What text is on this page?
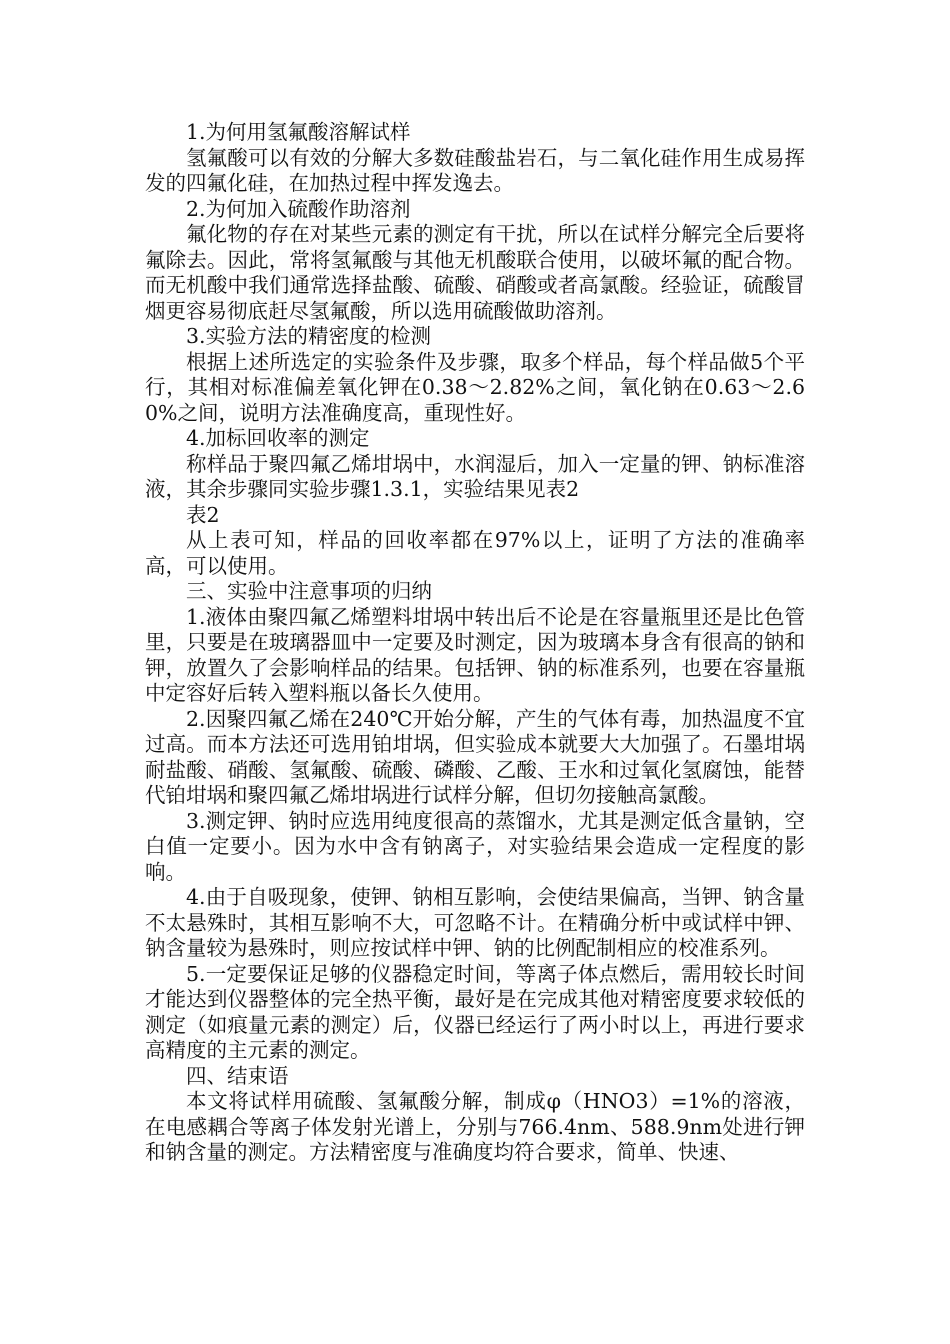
1.为何用氢氟酸溶解试样

氢氟酸可以有效的分解大多数硅酸盐岩石，与二氧化硅作用生成易挥发的四氟化硅，在加热过程中挥发逸去。

2.为何加入硫酸作助溶剂

氟化物的存在对某些元素的测定有干扰，所以在试样分解完全后要将氟除去。因此，常将氢氟酸与其他无机酸联合使用，以破坏氟的配合物。而无机酸中我们通常选择盐酸、硫酸、硝酸或者高氯酸。经验证，硫酸冒烟更容易彻底赶尽氢氟酸，所以选用硫酸做助溶剂。

3.实验方法的精密度的检测

根据上述所选定的实验条件及步骤，取多个样品，每个样品做5个平行，其相对标准偏差氧化钾在0.38～2.82%之间，氧化钠在0.63～2.60%之间，说明方法准确度高，重现性好。

4.加标回收率的测定

称样品于聚四氟乙烯坩埚中，水润湿后，加入一定量的钾、钠标准溶液，其余步骤同实验步骤1.3.1，实验结果见表2

表2

从上表可知，样品的回收率都在97%以上，证明了方法的准确率高，可以使用。

三、实验中注意事项的归纳

1.液体由聚四氟乙烯塑料坩埚中转出后不论是在容量瓶里还是比色管里，只要是在玻璃器皿中一定要及时测定，因为玻璃本身含有很高的钠和钾，放置久了会影响样品的结果。包括钾、钠的标准系列，也要在容量瓶中定容好后转入塑料瓶以备长久使用。

2.因聚四氟乙烯在240℃开始分解，产生的气体有毒，加热温度不宜过高。而本方法还可选用铂坩埚，但实验成本就要大大加强了。石墨坩埚耐盐酸、硝酸、氢氟酸、硫酸、磷酸、乙酸、王水和过氧化氢腐蚀，能替代铂坩埚和聚四氟乙烯坩埚进行试样分解，但切勿接触高氯酸。

3.测定钾、钠时应选用纯度很高的蒸馏水，尤其是测定低含量钠，空白值一定要小。因为水中含有钠离子，对实验结果会造成一定程度的影响。

4.由于自吸现象，使钾、钠相互影响，会使结果偏高，当钾、钠含量不太悬殊时，其相互影响不大，可忽略不计。在精确分析中或试样中钾、钠含量较为悬殊时，则应按试样中钾、钠的比例配制相应的校准系列。

5.一定要保证足够的仪器稳定时间，等离子体点燃后，需用较长时间才能达到仪器整体的完全热平衡，最好是在完成其他对精密度要求较低的测定（如痕量元素的测定）后，仪器已经运行了两小时以上，再进行要求高精度的主元素的测定。

四、结束语

本文将试样用硫酸、氢氟酸分解，制成φ（HNO3）=1%的溶液，在电感耦合等离子体发射光谱上，分别与766.4nm、588.9nm处进行钾和钠含量的测定。方法精密度与准确度均符合要求，简单、快速、
